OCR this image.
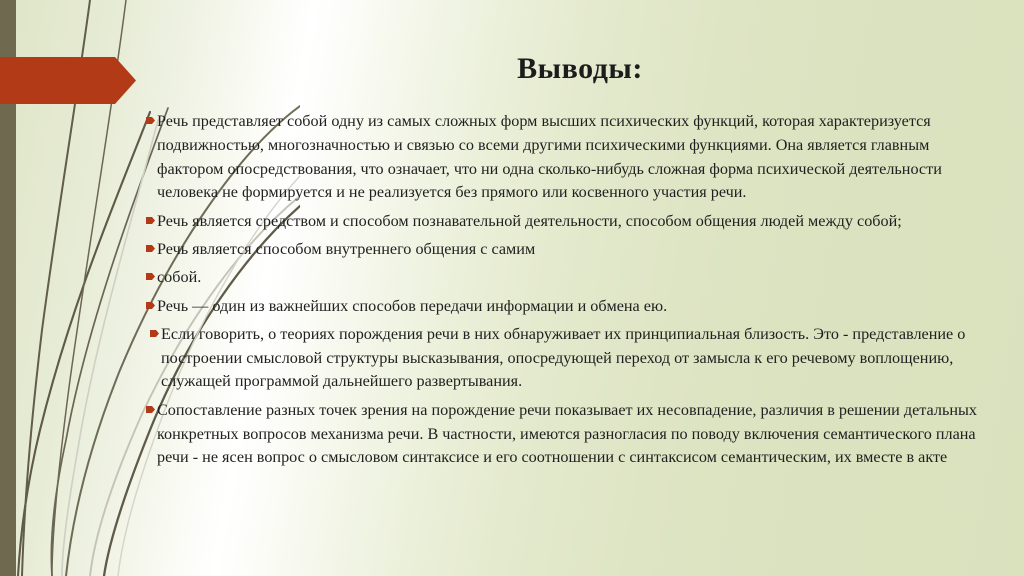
Выводы:
Речь представляет собой одну из самых сложных форм высших психических функций, которая характеризуется подвижностью, многозначностью и связью со всеми другими психическими функциями. Она является главным фактором опосредствования, что означает, что ни одна сколько-нибудь сложная форма психической деятельности человека не формируется и не реализуется без прямого или косвенного участия речи.
Речь является средством и способом познавательной деятельности, способом общения людей между собой;
Речь является способом внутреннего общения с самим
собой.
Речь — один из важнейших способов передачи информации и обмена ею.
Если говорить, о теориях порождения речи в них обнаруживает их принципиальная близость. Это - представление о построении смысловой структуры высказывания, опосредующей переход от замысла к его речевому воплощению, служащей программой дальнейшего развертывания.
Сопоставление разных точек зрения на порождение речи показывает их несовпадение, различия в решении детальных конкретных вопросов механизма речи. В частности, имеются разногласия по поводу включения семантического плана речи - не ясен вопрос о смысловом синтаксисе и его соотношении с синтаксисом семантическим, их вместе в акте
